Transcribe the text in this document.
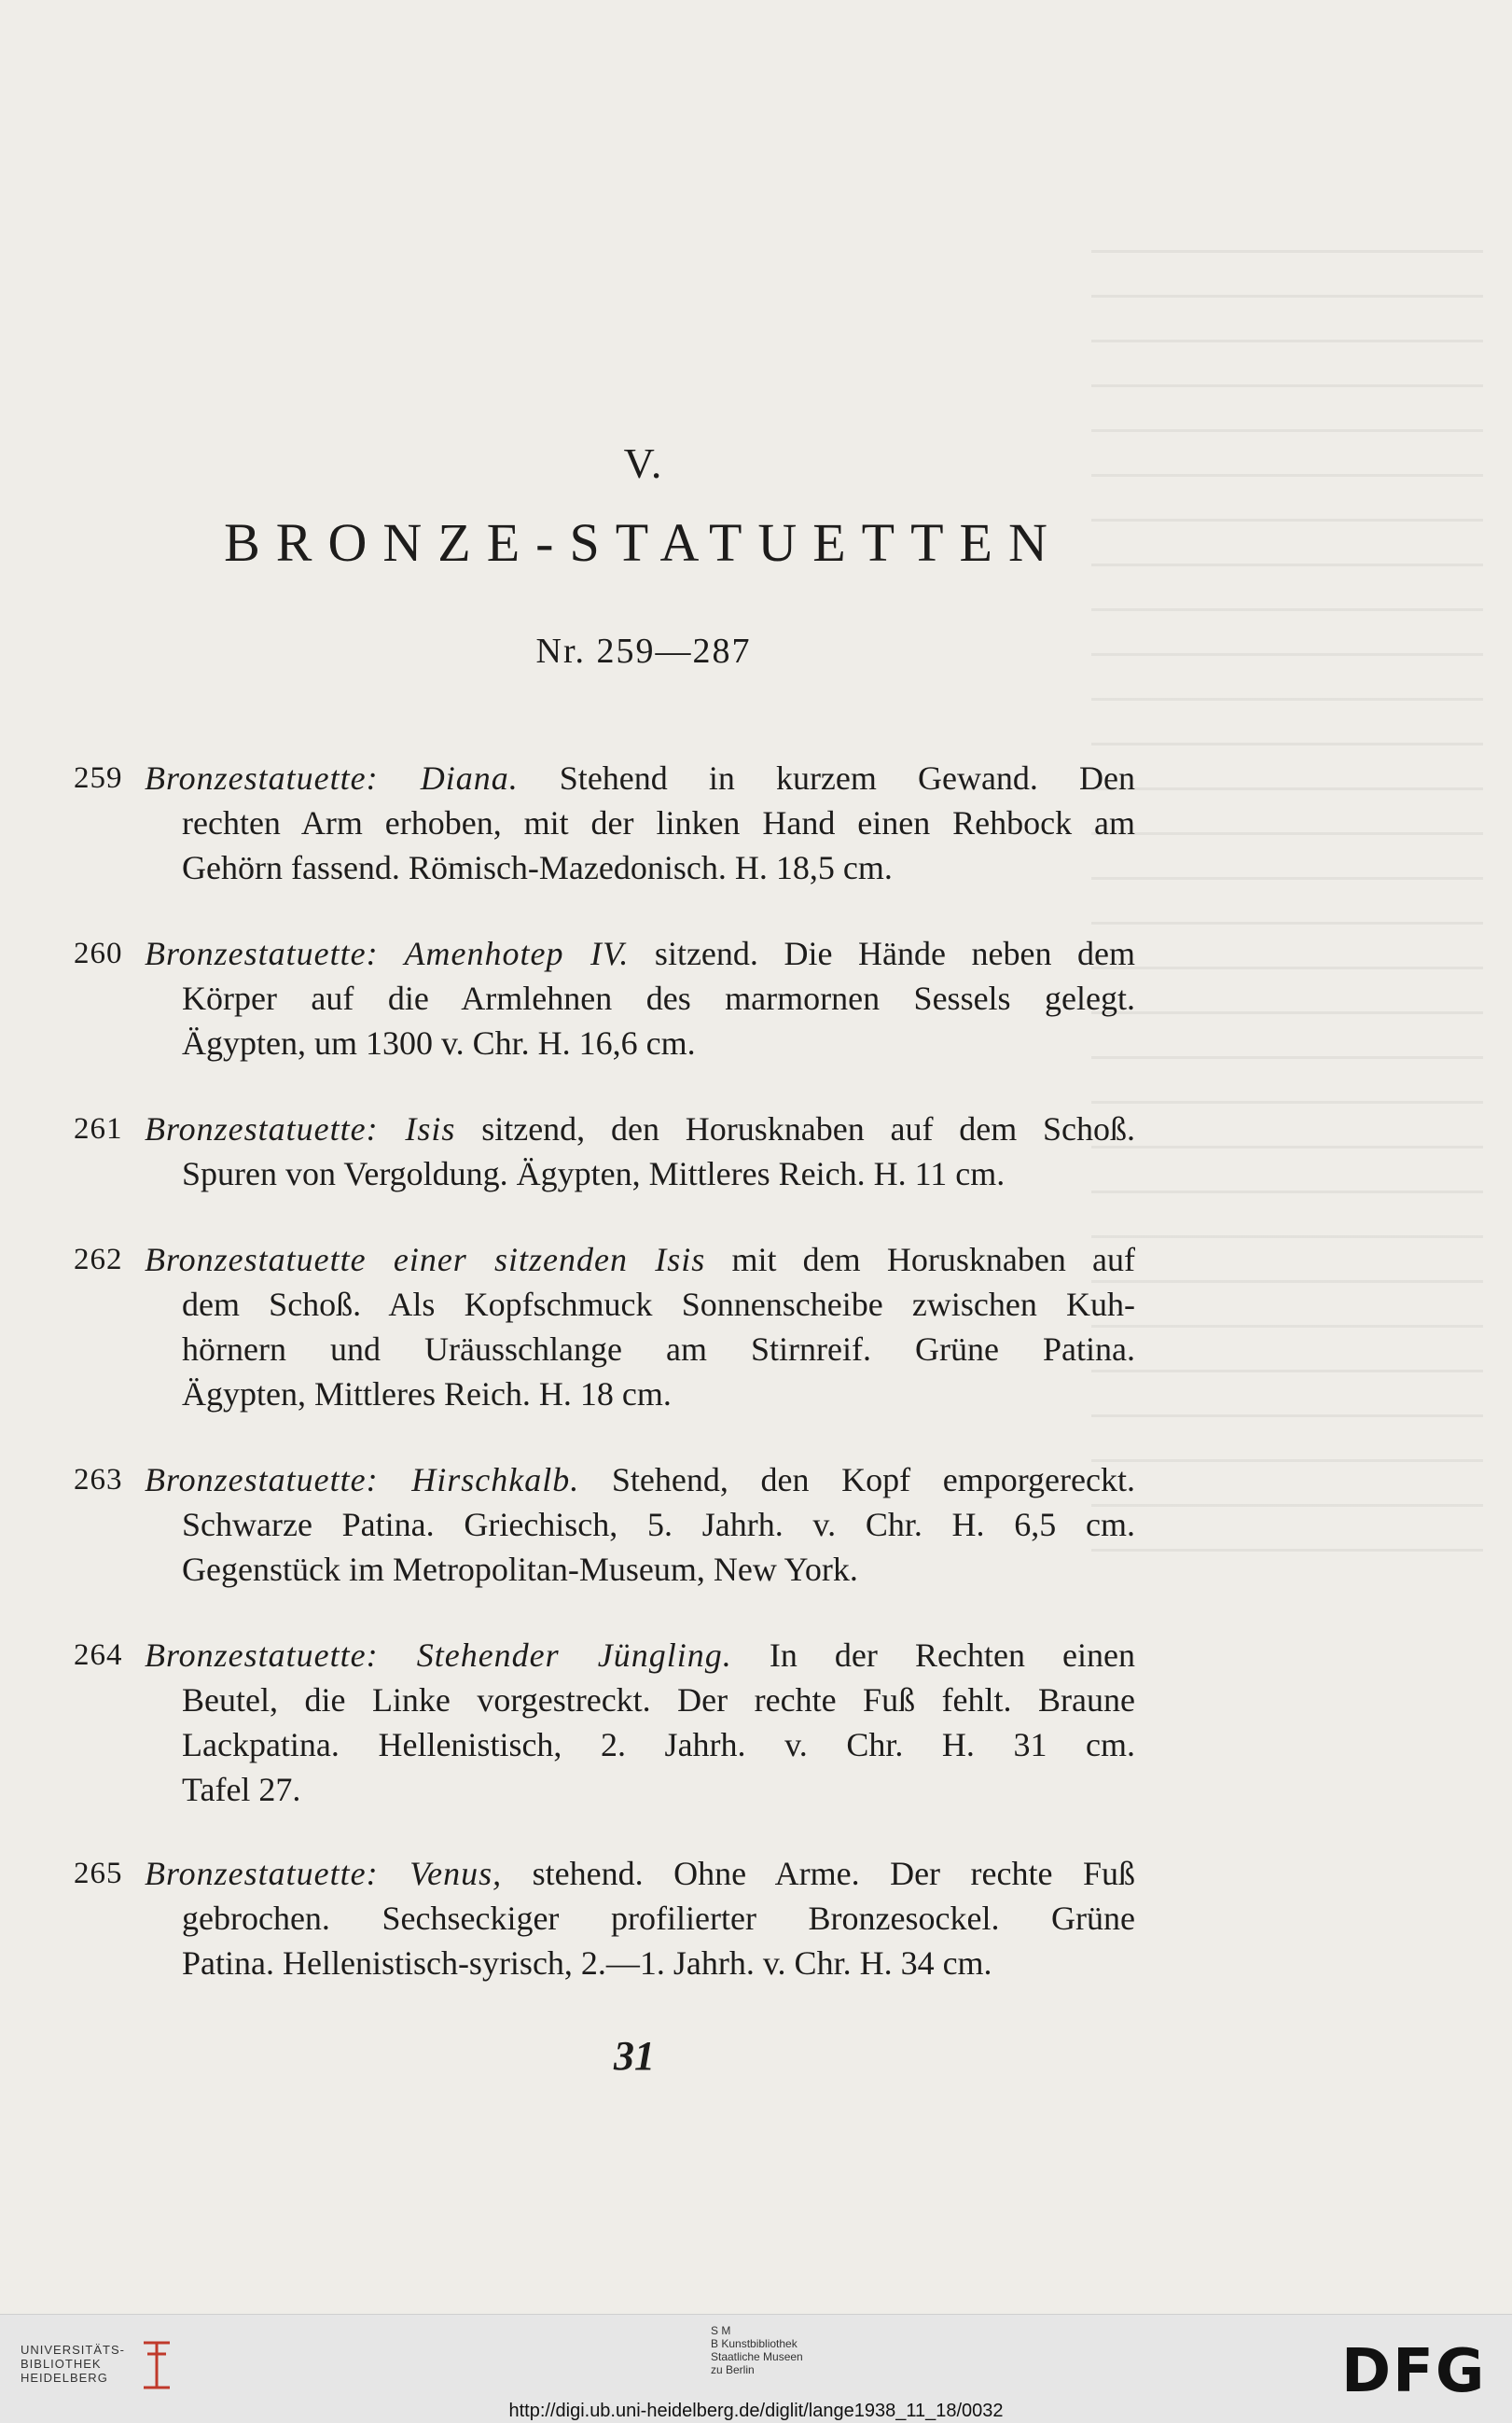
V.
BRONZE-STATUETTEN
Nr. 259—287
259 Bronzestatuette: Diana. Stehend in kurzem Gewand. Den
rechten Arm erhoben, mit der linken Hand einen Rehbock am
Gehörn fassend. Römisch-Mazedonisch. H. 18,5 cm.
260 Bronzestatuette: Amenhotep IV. sitzend. Die Hände neben dem
Körper auf die Armlehnen des marmornen Sessels gelegt.
Ägypten, um 1300 v. Chr. H. 16,6 cm.
261 Bronzestatuette: Isis sitzend, den Horusknaben auf dem Schoß.
Spuren von Vergoldung. Ägypten, Mittleres Reich. H. 11 cm.
262 Bronzestatuette einer sitzenden Isis mit dem Horusknaben auf
dem Schoß. Als Kopfschmuck Sonnenscheibe zwischen Kuh-
hörnern und Uräusschlange am Stirnreif. Grüne Patina.
Ägypten, Mittleres Reich. H. 18 cm.
263 Bronzestatuette: Hirschkalb. Stehend, den Kopf emporgereckt.
Schwarze Patina. Griechisch, 5. Jahrh. v. Chr. H. 6,5 cm.
Gegenstück im Metropolitan-Museum, New York.
264 Bronzestatuette: Stehender Jüngling. In der Rechten einen
Beutel, die Linke vorgestreckt. Der rechte Fuß fehlt. Braune
Lackpatina. Hellenistisch, 2. Jahrh. v. Chr. H. 31 cm.
Tafel 27.
265 Bronzestatuette: Venus, stehend. Ohne Arme. Der rechte Fuß
gebrochen. Sechseckiger profilierter Bronzesockel. Grüne
Patina. Hellenistisch-syrisch, 2.—1. Jahrh. v. Chr. H. 34 cm.
31
UNIVERSITÄTS-
BIBLIOTHEK
HEIDELBERG
S M
B Kunstbibliothek
Staatliche Museen
zu Berlin	DFG
http://digi.ub.uni-heidelberg.de/diglit/lange1938_11_18/0032
